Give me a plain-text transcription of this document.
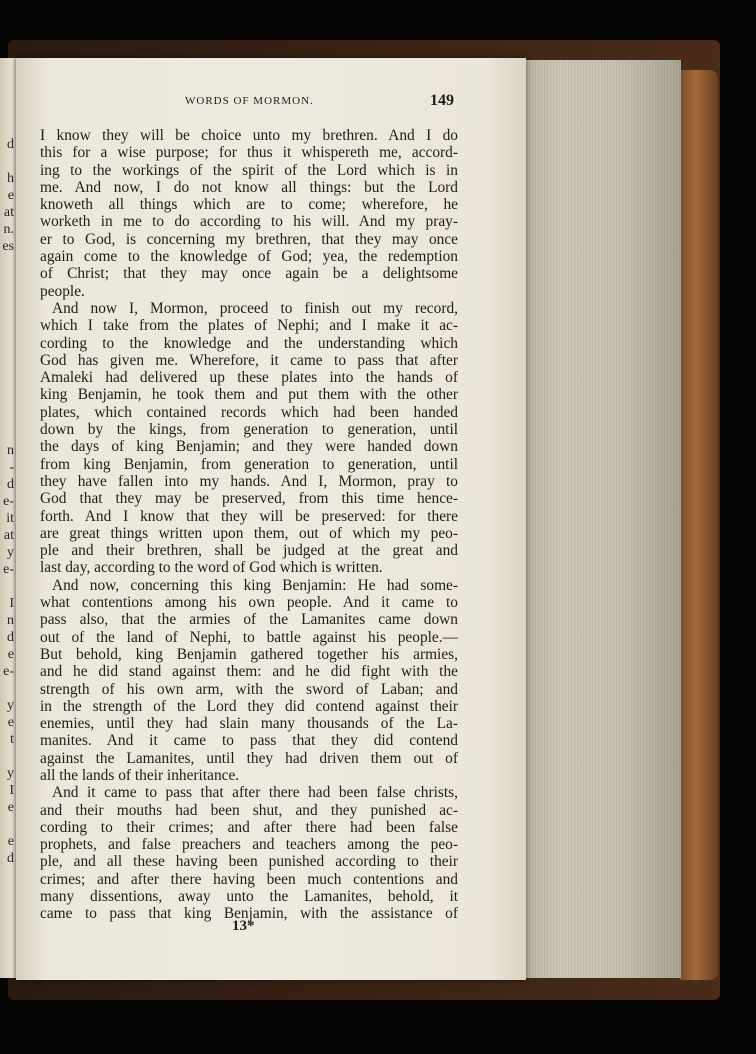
d

h
e
at
n.
es

n
-
d
e-
it
at
y
e-

I
n
d
e
e-

y
e
t

y
I
e

e
d
WORDS OF MORMON.	149
I know they will be choice unto my brethren. And I do
this for a wise purpose; for thus it whispereth me, accord-
ing to the workings of the spirit of the Lord which is in
me. And now, I do not know all things: but the Lord
knoweth all things which are to come; wherefore, he
worketh in me to do according to his will. And my pray-
er to God, is concerning my brethren, that they may once
again come to the knowledge of God; yea, the redemption
of Christ; that they may once again be a delightsome
people.
And now I, Mormon, proceed to finish out my record,
which I take from the plates of Nephi; and I make it ac-
cording to the knowledge and the understanding which
God has given me. Wherefore, it came to pass that after
Amaleki had delivered up these plates into the hands of
king Benjamin, he took them and put them with the other
plates, which contained records which had been handed
down by the kings, from generation to generation, until
the days of king Benjamin; and they were handed down
from king Benjamin, from generation to generation, until
they have fallen into my hands. And I, Mormon, pray to
God that they may be preserved, from this time hence-
forth. And I know that they will be preserved: for there
are great things written upon them, out of which my peo-
ple and their brethren, shall be judged at the great and
last day, according to the word of God which is written.
And now, concerning this king Benjamin: He had some-
what contentions among his own people. And it came to
pass also, that the armies of the Lamanites came down
out of the land of Nephi, to battle against his people.—
But behold, king Benjamin gathered together his armies,
and he did stand against them: and he did fight with the
strength of his own arm, with the sword of Laban; and
in the strength of the Lord they did contend against their
enemies, until they had slain many thousands of the La-
manites. And it came to pass that they did contend
against the Lamanites, until they had driven them out of
all the lands of their inheritance.
And it came to pass that after there had been false christs,
and their mouths had been shut, and they punished ac-
cording to their crimes; and after there had been false
prophets, and false preachers and teachers among the peo-
ple, and all these having been punished according to their
crimes; and after there having been much contentions and
many dissentions, away unto the Lamanites, behold, it
came to pass that king Benjamin, with the assistance of
13*
